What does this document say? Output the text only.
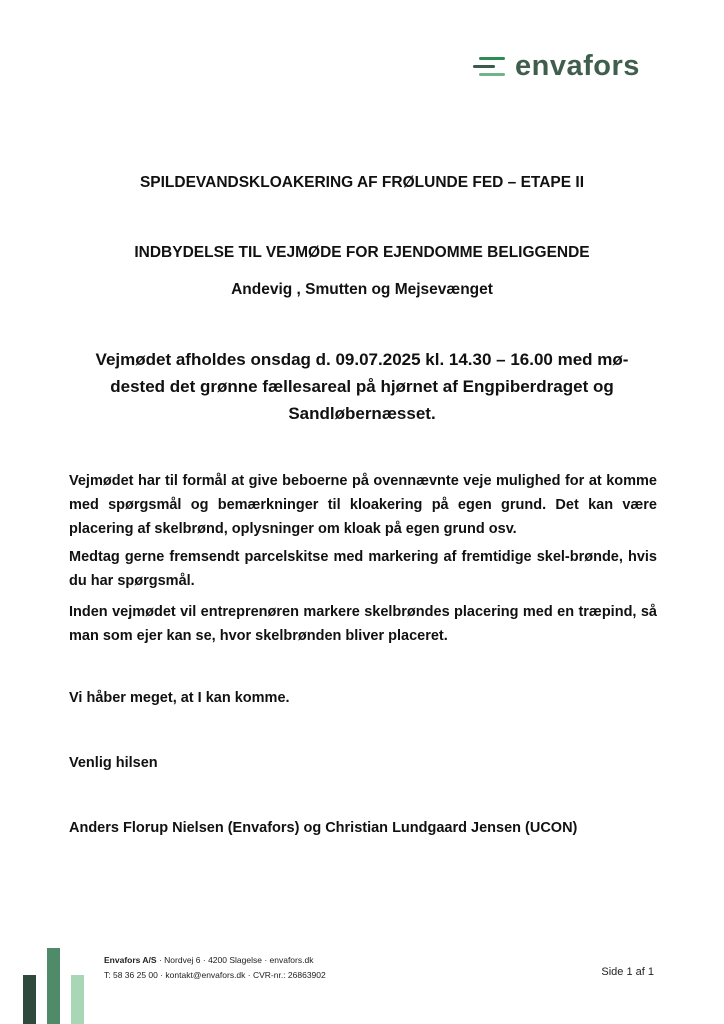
envafors
SPILDEVANDSKLOAKERING AF FRØLUNDE FED – ETAPE II
INDBYDELSE TIL VEJMØDE FOR EJENDOMME BELIGGENDE
Andevig , Smutten og Mejsevænget
Vejmødet afholdes onsdag d. 09.07.2025 kl. 14.30 – 16.00 med mø-
dested det grønne fællesareal på hjørnet af Engpiberdraget og
Sandløbernæsset.
Vejmødet har til formål at give beboerne på ovennævnte veje mulighed for at komme med spørgsmål og bemærkninger til kloakering på egen grund. Det kan være placering af skelbrønd, oplysninger om kloak på egen grund osv.
Medtag gerne fremsendt parcelskitse med markering af fremtidige skel-brønde, hvis du har spørgsmål.
Inden vejmødet vil entreprenøren markere skelbrøndes placering med en træpind, så man som ejer kan se, hvor skelbrønden bliver placeret.
Vi håber meget, at I kan komme.
Venlig hilsen
Anders Florup Nielsen (Envafors) og Christian Lundgaard Jensen (UCON)
Envafors A/S · Nordvej 6 · 4200 Slagelse · envafors.dk
T: 58 36 25 00 · kontakt@envafors.dk · CVR-nr.: 26863902	Side 1 af 1
